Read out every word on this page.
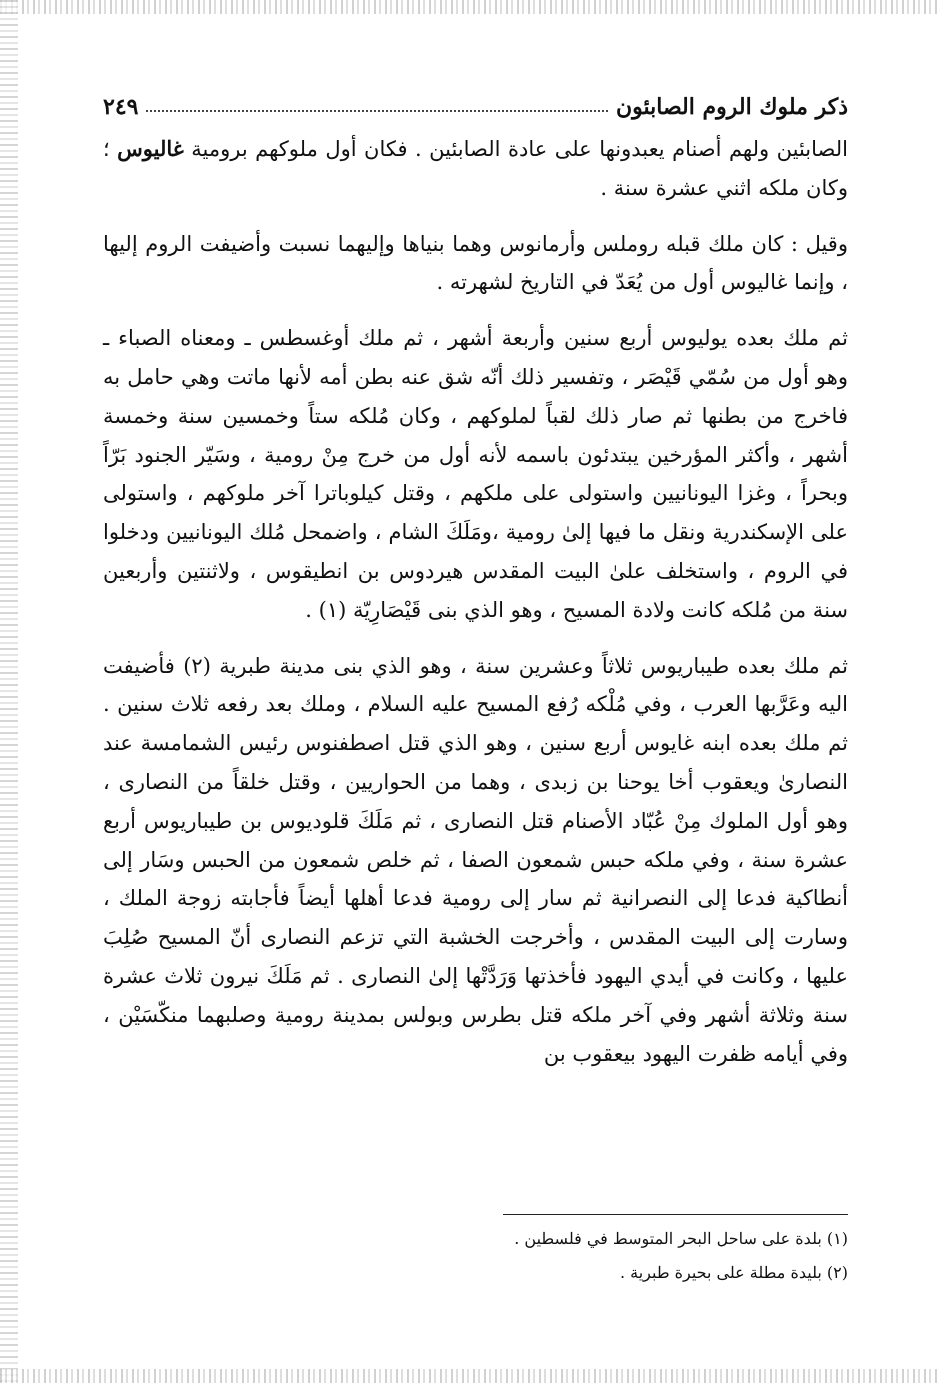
ذكر ملوك الروم الصابئون
٢٤٩

الصابئين ولهم أصنام يعبدونها على عادة الصابئين . فكان أول ملوكهم برومية غاليوس ؛ وكان ملكه اثني عشرة سنة .

وقيل : كان ملك قبله روملس وأرمانوس وهما بنياها وإليهما نسبت وأضيفت الروم إليها ، وإنما غاليوس أول من يُعَدّ في التاريخ لشهرته .

ثم ملك بعده يوليوس أربع سنين وأربعة أشهر ، ثم ملك أوغسطس ـ ومعناه الصباء ـ وهو أول من سُمّي قَيْصَر ، وتفسير ذلك أنّه شق عنه بطن أمه لأنها ماتت وهي حامل به فاخرج من بطنها ثم صار ذلك لقباً لملوكهم ، وكان مُلكه ستاً وخمسين سنة وخمسة أشهر ، وأكثر المؤرخين يبتدئون باسمه لأنه أول من خرج مِنْ رومية ، وسَيّر الجنود بَرّاً وبحراً ، وغزا اليونانيين واستولى على ملكهم ، وقتل كيلوباترا آخر ملوكهم ، واستولى على الإسكندرية ونقل ما فيها إلىٰ رومية ،ومَلَكَ الشام ، واضمحل مُلك اليونانيين ودخلوا في الروم ، واستخلف علىٰ البيت المقدس هيردوس بن انطيقوس ، ولاثنتين وأربعين سنة من مُلكه كانت ولادة المسيح ، وهو الذي بنى قَيْصَارِيّة (١) .

ثم ملك بعده طيباريوس ثلاثاً وعشرين سنة ، وهو الذي بنى مدينة طبرية (٢) فأضيفت اليه وعَرَّبها العرب ، وفي مُلْكه رُفع المسيح عليه السلام ، وملك بعد رفعه ثلاث سنين . ثم ملك بعده ابنه غايوس أربع سنين ، وهو الذي قتل اصطفنوس رئيس الشمامسة عند النصارىٰ ويعقوب أخا يوحنا بن زبدى ، وهما من الحواريين ، وقتل خلقاً من النصارى ، وهو أول الملوك مِنْ عُبّاد الأصنام قتل النصارى ، ثم مَلَكَ قلوديوس بن طيباريوس أربع عشرة سنة ، وفي ملكه حبس شمعون الصفا ، ثم خلص شمعون من الحبس وسَار إلى أنطاكية فدعا إلى النصرانية ثم سار إلى رومية فدعا أهلها أيضاً فأجابته زوجة الملك ، وسارت إلى البيت المقدس ، وأخرجت الخشبة التي تزعم النصارى أنّ المسيح صُلِبَ عليها ، وكانت في أيدي اليهود فأخذتها وَرَدَّتْها إلىٰ النصارى . ثم مَلَكَ نيرون ثلاث عشرة سنة وثلاثة أشهر وفي آخر ملكه قتل بطرس وبولس بمدينة رومية وصلبهما منكّسَيْن ، وفي أيامه ظفرت اليهود بيعقوب بن

(١) بلدة على ساحل البحر المتوسط في فلسطين .
(٢) بليدة مطلة على بحيرة طبرية .
